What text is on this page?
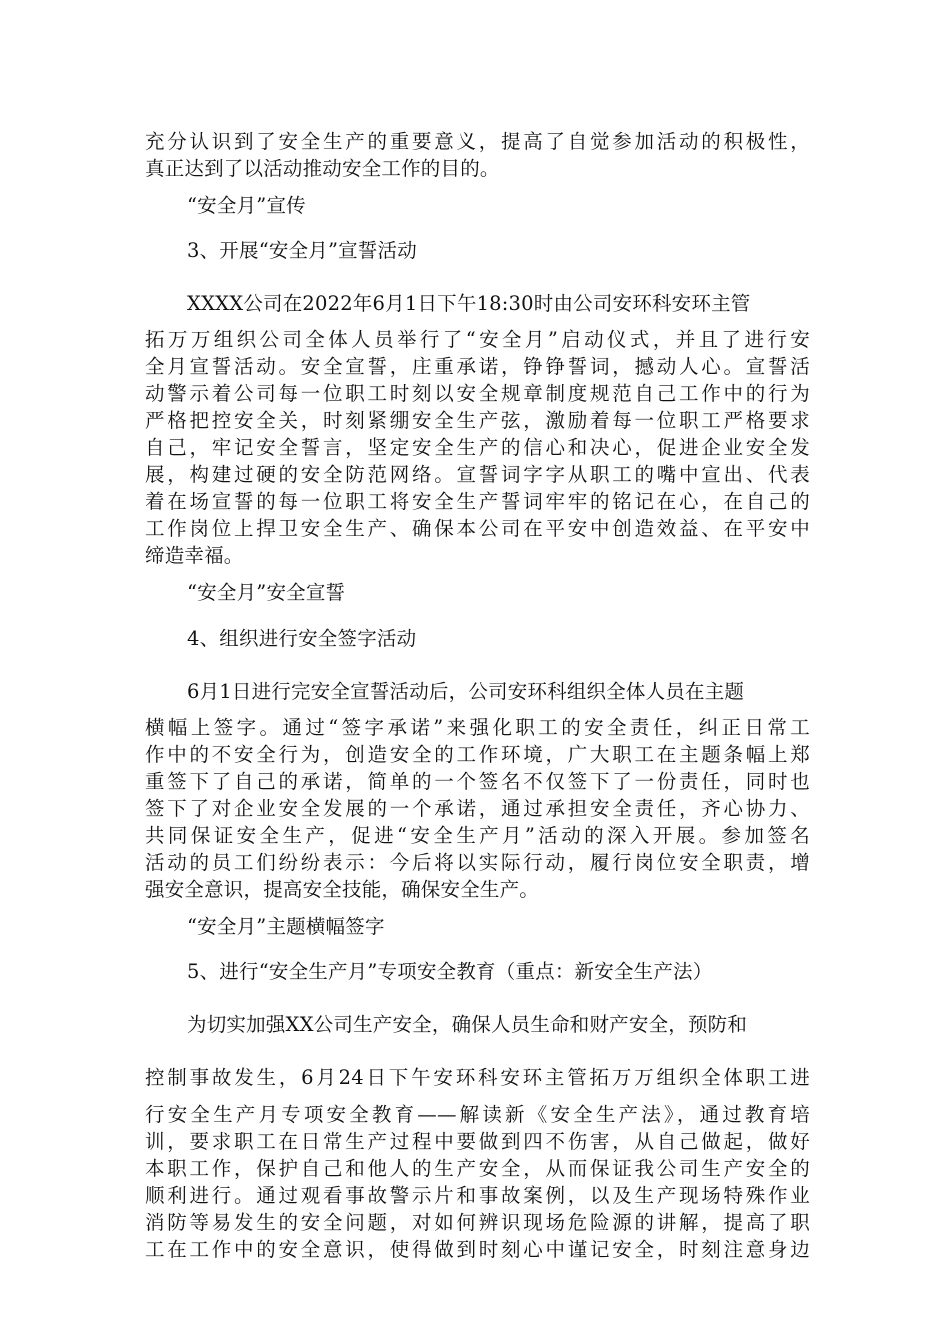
充分认识到了安全生产的重要意义，提高了自觉参加活动的积极性，
真正达到了以活动推动安全工作的目的。
“安全月”宣传
3、开展“安全月”宣誓活动
XXXX公司在2022年6月1日下午18:30时由公司安环科安环主管
拓万万组织公司全体人员举行了“安全月”启动仪式，并且了进行安
全月宣誓活动。安全宣誓，庄重承诺，铮铮誓词，撼动人心。宣誓活
动警示着公司每一位职工时刻以安全规章制度规范自己工作中的行为
严格把控安全关，时刻紧绷安全生产弦，激励着每一位职工严格要求
自己，牢记安全誓言，坚定安全生产的信心和决心，促进企业安全发
展，构建过硬的安全防范网络。宣誓词字字从职工的嘴中宣出、代表
着在场宣誓的每一位职工将安全生产誓词牢牢的铭记在心，在自己的
工作岗位上捍卫安全生产、确保本公司在平安中创造效益、在平安中
缔造幸福。
“安全月”安全宣誓
4、组织进行安全签字活动
6月1日进行完安全宣誓活动后，公司安环科组织全体人员在主题
横幅上签字。通过“签字承诺”来强化职工的安全责任，纠正日常工
作中的不安全行为，创造安全的工作环境，广大职工在主题条幅上郑
重签下了自己的承诺，简单的一个签名不仅签下了一份责任，同时也
签下了对企业安全发展的一个承诺，通过承担安全责任，齐心协力、
共同保证安全生产，促进“安全生产月”活动的深入开展。参加签名
活动的员工们纷纷表示：今后将以实际行动，履行岗位安全职责，增
强安全意识，提高安全技能，确保安全生产。
“安全月”主题横幅签字
5、进行“安全生产月”专项安全教育（重点：新安全生产法）
为切实加强XX公司生产安全，确保人员生命和财产安全，预防和
控制事故发生，6月24日下午安环科安环主管拓万万组织全体职工进
行安全生产月专项安全教育——解读新《安全生产法》，通过教育培
训，要求职工在日常生产过程中要做到四不伤害，从自己做起，做好
本职工作，保护自己和他人的生产安全，从而保证我公司生产安全的
顺利进行。通过观看事故警示片和事故案例，以及生产现场特殊作业
消防等易发生的安全问题，对如何辨识现场危险源的讲解，提高了职
工在工作中的安全意识，使得做到时刻心中谨记安全，时刻注意身边
